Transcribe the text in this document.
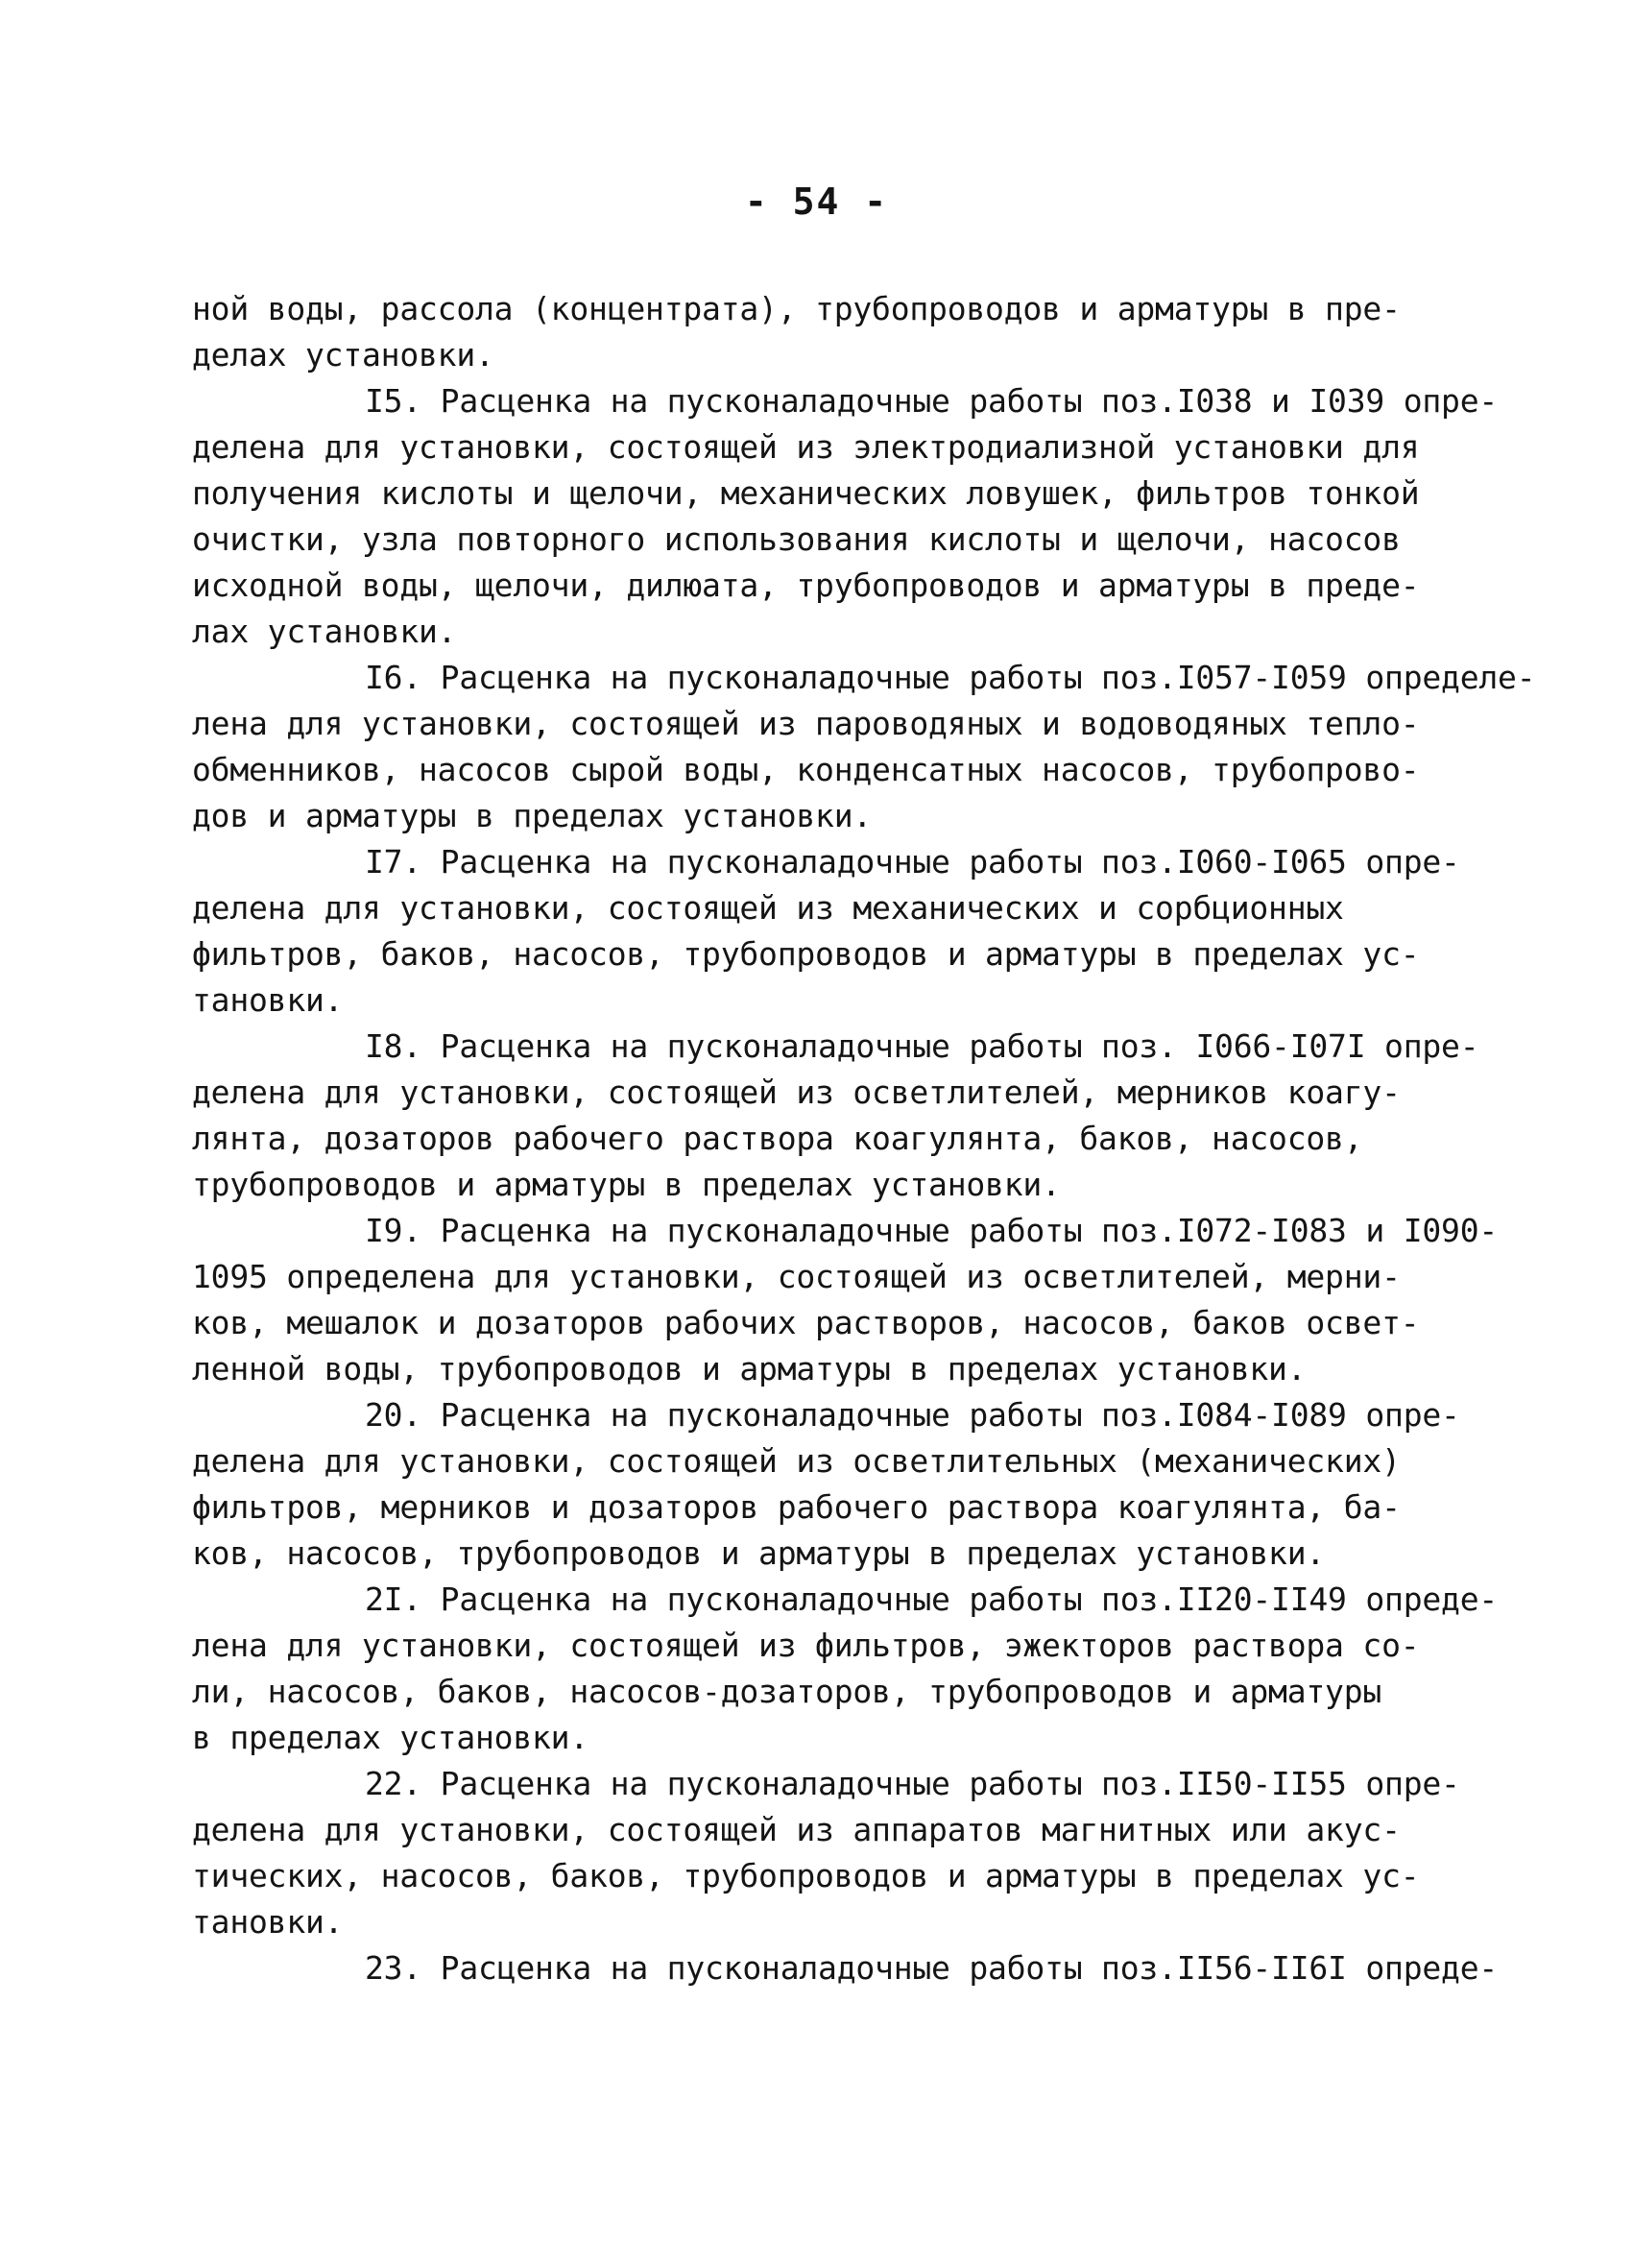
- 54 -
ной воды, рассола (концентрата), трубопроводов и арматуры в пре-
делах установки.
I5. Расценка на пусконаладочные работы поз.I038 и I039 опре-
делена для установки, состоящей из электродиализной установки для
получения кислоты и щелочи, механических ловушек, фильтров тонкой
очистки, узла повторного использования кислоты и щелочи, насосов
исходной воды, щелочи, дилюата, трубопроводов и арматуры в преде-
лах установки.
I6. Расценка на пусконаладочные работы поз.I057-I059 определе-
лена для установки, состоящей из пароводяных и водоводяных тепло-
обменников, насосов сырой воды, конденсатных насосов, трубопрово-
дов и арматуры в пределах установки.
I7. Расценка на пусконаладочные работы поз.I060-I065 опре-
делена для установки, состоящей из механических и сорбционных
фильтров, баков, насосов, трубопроводов и арматуры в пределах ус-
тановки.
I8. Расценка на пусконаладочные работы поз. I066-I07I опре-
делена для установки, состоящей из осветлителей, мерников коагу-
лянта, дозаторов рабочего раствора коагулянта, баков, насосов,
трубопроводов и арматуры в пределах установки.
I9. Расценка на пусконаладочные работы поз.I072-I083 и I090-
1095 определена для установки, состоящей из осветлителей, мерни-
ков, мешалок и дозаторов рабочих растворов, насосов, баков освет-
ленной воды, трубопроводов и арматуры в пределах установки.
20. Расценка на пусконаладочные работы поз.I084-I089 опре-
делена для установки, состоящей из осветлительных (механических)
фильтров, мерников и дозаторов рабочего раствора коагулянта, ба-
ков, насосов, трубопроводов и арматуры в пределах установки.
2I. Расценка на пусконаладочные работы поз.II20-II49 опреде-
лена для установки, состоящей из фильтров, эжекторов раствора со-
ли, насосов, баков, насосов-дозаторов, трубопроводов и арматуры
в пределах установки.
22. Расценка на пусконаладочные работы поз.II50-II55 опре-
делена для установки, состоящей из аппаратов магнитных или акус-
тических, насосов, баков, трубопроводов и арматуры в пределах ус-
тановки.
23. Расценка на пусконаладочные работы поз.II56-II6I опреде-
